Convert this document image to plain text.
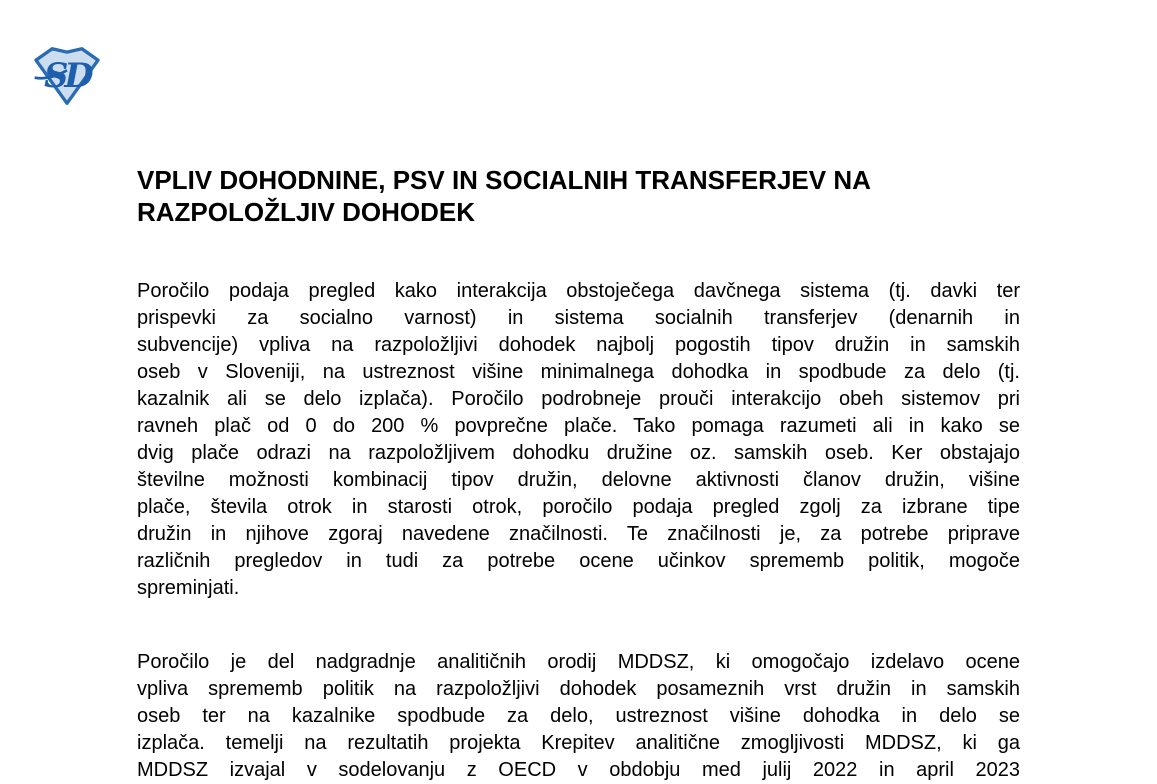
SD
VPLIV DOHODNINE, PSV IN SOCIALNIH TRANSFERJEV NA
RAZPOLOŽLJIV DOHODEK

Poročilo podaja pregled kako interakcija obstoječega davčnega sistema (tj. davki ter
prispevki za socialno varnost) in sistema socialnih transferjev (denarnih in
subvencije) vpliva na razpoložljivi dohodek najbolj pogostih tipov družin in samskih
oseb v Sloveniji, na ustreznost višine minimalnega dohodka in spodbude za delo (tj.
kazalnik ali se delo izplača). Poročilo podrobneje prouči interakcijo obeh sistemov pri
ravneh plač od 0 do 200 % povprečne plače. Tako pomaga razumeti ali in kako se
dvig plače odrazi na razpoložljivem dohodku družine oz. samskih oseb. Ker obstajajo
številne možnosti kombinacij tipov družin, delovne aktivnosti članov družin, višine
plače, števila otrok in starosti otrok, poročilo podaja pregled zgolj za izbrane tipe
družin in njihove zgoraj navedene značilnosti. Te značilnosti je, za potrebe priprave
različnih pregledov in tudi za potrebe ocene učinkov sprememb politik, mogoče
spreminjati.

Poročilo je del nadgradnje analitičnih orodij MDDSZ, ki omogočajo izdelavo ocene
vpliva sprememb politik na razpoložljivi dohodek posameznih vrst družin in samskih
oseb ter na kazalnike spodbude za delo, ustreznost višine dohodka in delo se
izplača. temelji na rezultatih projekta Krepitev analitične zmogljivosti MDDSZ, ki ga
MDDSZ izvajal v sodelovanju z OECD v obdobju med julij 2022 in april 2023
